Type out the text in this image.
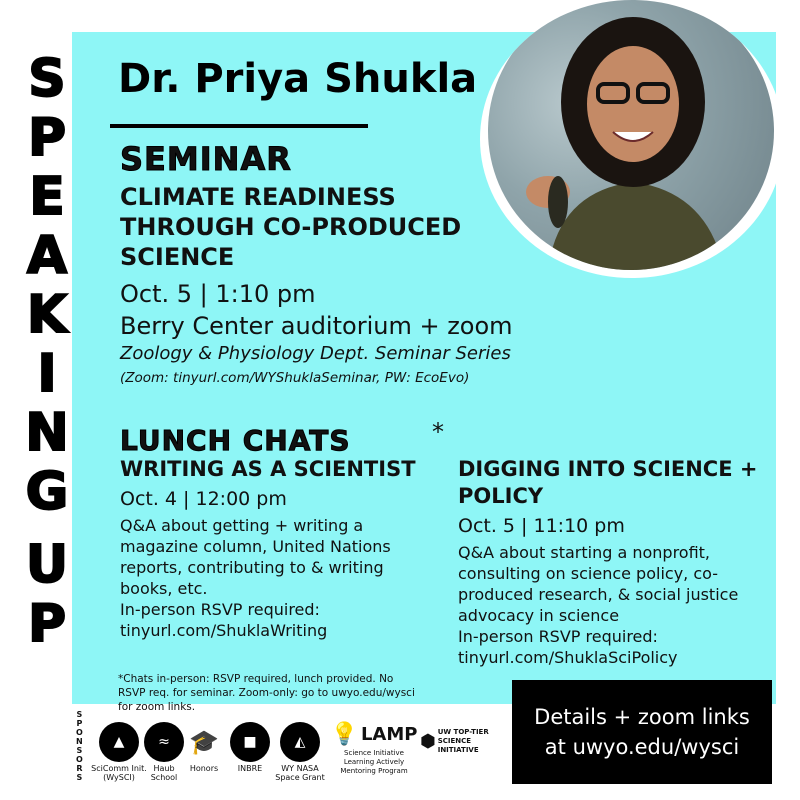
S
P
E
A
K
I
N
G
U
P
Dr. Priya Shukla
SEMINAR
CLIMATE READINESS THROUGH CO-PRODUCED SCIENCE
Oct. 5 | 1:10 pm
Berry Center auditorium + zoom
Zoology & Physiology Dept. Seminar Series
(Zoom: tinyurl.com/WYShuklaSeminar, PW: EcoEvo)
LUNCH CHATS	*
WRITING AS A SCIENTIST
Oct. 4 | 12:00 pm
Q&A about getting + writing a magazine column, United Nations reports, contributing to & writing books, etc.
In-person RSVP required:
tinyurl.com/ShuklaWriting
DIGGING INTO SCIENCE + POLICY
Oct. 5 | 11:10 pm
Q&A about starting a nonprofit, consulting on science policy, co-produced research, & social justice advocacy in science
In-person RSVP required:
tinyurl.com/ShuklaSciPolicy
*Chats in-person: RSVP required, lunch provided. No RSVP req. for seminar. Zoom-only: go to uwyo.edu/wysci for zoom links.	Details + zoom links
at uwyo.edu/wysci
S
P
O
N
S
O
R
S
▲
SciComm Init. (WySCI)
≈
Haub School
🎓
Honors
■
INBRE
◭
WY NASA Space Grant
💡 LAMP
Science Initiative Learning Actively Mentoring Program
⬢ UW TOP-TIER SCIENCE INITIATIVE
